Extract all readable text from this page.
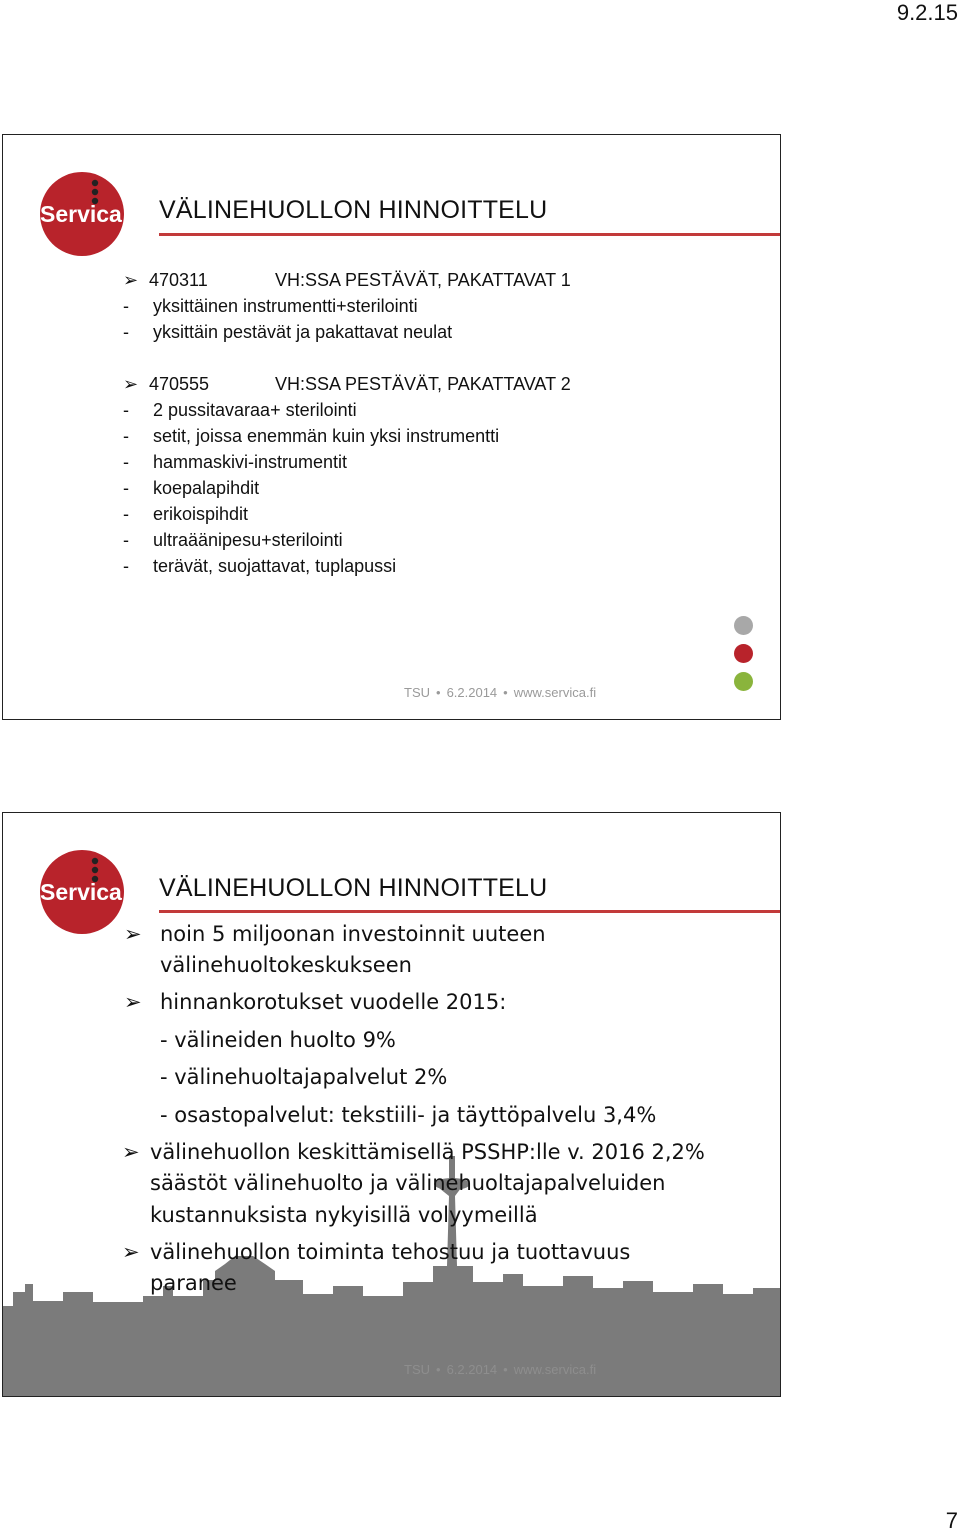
9.2.15
Servica VÄLINEHUOLLON HINNOITTELU
➢ 470311	VH:SSA PESTÄVÄT, PAKATTAVAT 1
- yksittäinen instrumentti+sterilointi
- yksittäin pestävät ja pakattavat neulat
➢ 470555	VH:SSA PESTÄVÄT, PAKATTAVAT 2
- 2 pussitavaraa+ sterilointi
- setit, joissa enemmän kuin yksi instrumentti
- hammaskivi-instrumentit
- koepalapihdit
- erikoispihdit
- ultraäänipesu+sterilointi
- terävät, suojattavat, tuplapussi
TSU • 6.2.2014 • www.servica.fi
Servica VÄLINEHUOLLON HINNOITTELU
➢ noin 5 miljoonan investoinnit uuteen
välinehuoltokeskukseen
➢ hinnankorotukset vuodelle 2015:
- välineiden huolto 9%
- välinehuoltajapalvelut 2%
- osastopalvelut: tekstiili- ja täyttöpalvelu 3,4%
➢ välinehuollon keskittämisellä PSSHP:lle v. 2016 2,2%
säästöt välinehuolto ja välinehuoltajapalveluiden
kustannuksista nykyisillä volyymeillä
➢ välinehuollon toiminta tehostuu ja tuottavuus
paranee
TSU • 6.2.2014 • www.servica.fi
7
